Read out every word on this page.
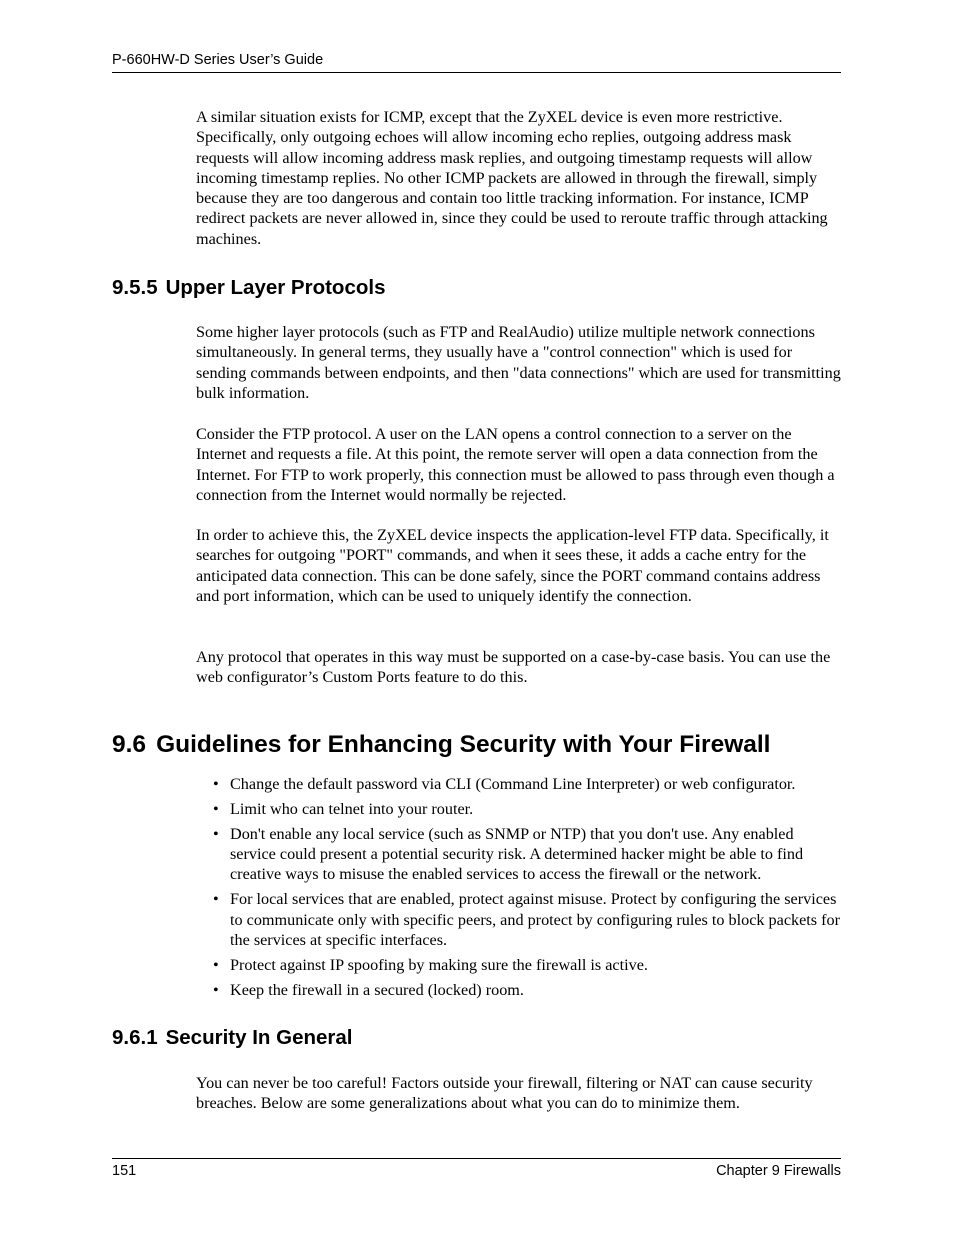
P-660HW-D Series User’s Guide

A similar situation exists for ICMP, except that the ZyXEL device is even more restrictive. Specifically, only outgoing echoes will allow incoming echo replies, outgoing address mask requests will allow incoming address mask replies, and outgoing timestamp requests will allow incoming timestamp replies. No other ICMP packets are allowed in through the firewall, simply because they are too dangerous and contain too little tracking information. For instance, ICMP redirect packets are never allowed in, since they could be used to reroute traffic through attacking machines.

9.5.5 Upper Layer Protocols

Some higher layer protocols (such as FTP and RealAudio) utilize multiple network connections simultaneously. In general terms, they usually have a "control connection" which is used for sending commands between endpoints, and then "data connections" which are used for transmitting bulk information.

Consider the FTP protocol. A user on the LAN opens a control connection to a server on the Internet and requests a file. At this point, the remote server will open a data connection from the Internet. For FTP to work properly, this connection must be allowed to pass through even though a connection from the Internet would normally be rejected.

In order to achieve this, the ZyXEL device inspects the application-level FTP data. Specifically, it searches for outgoing "PORT" commands, and when it sees these, it adds a cache entry for the anticipated data connection. This can be done safely, since the PORT command contains address and port information, which can be used to uniquely identify the connection.

Any protocol that operates in this way must be supported on a case-by-case basis. You can use the web configurator’s Custom Ports feature to do this.

9.6 Guidelines for Enhancing Security with Your Firewall
• Change the default password via CLI (Command Line Interpreter) or web configurator.
• Limit who can telnet into your router.
• Don't enable any local service (such as SNMP or NTP) that you don't use. Any enabled service could present a potential security risk. A determined hacker might be able to find creative ways to misuse the enabled services to access the firewall or the network.
• For local services that are enabled, protect against misuse. Protect by configuring the services to communicate only with specific peers, and protect by configuring rules to block packets for the services at specific interfaces.
• Protect against IP spoofing by making sure the firewall is active.
• Keep the firewall in a secured (locked) room.
9.6.1 Security In General

You can never be too careful! Factors outside your firewall, filtering or NAT can cause security breaches. Below are some generalizations about what you can do to minimize them.

151	Chapter 9 Firewalls
